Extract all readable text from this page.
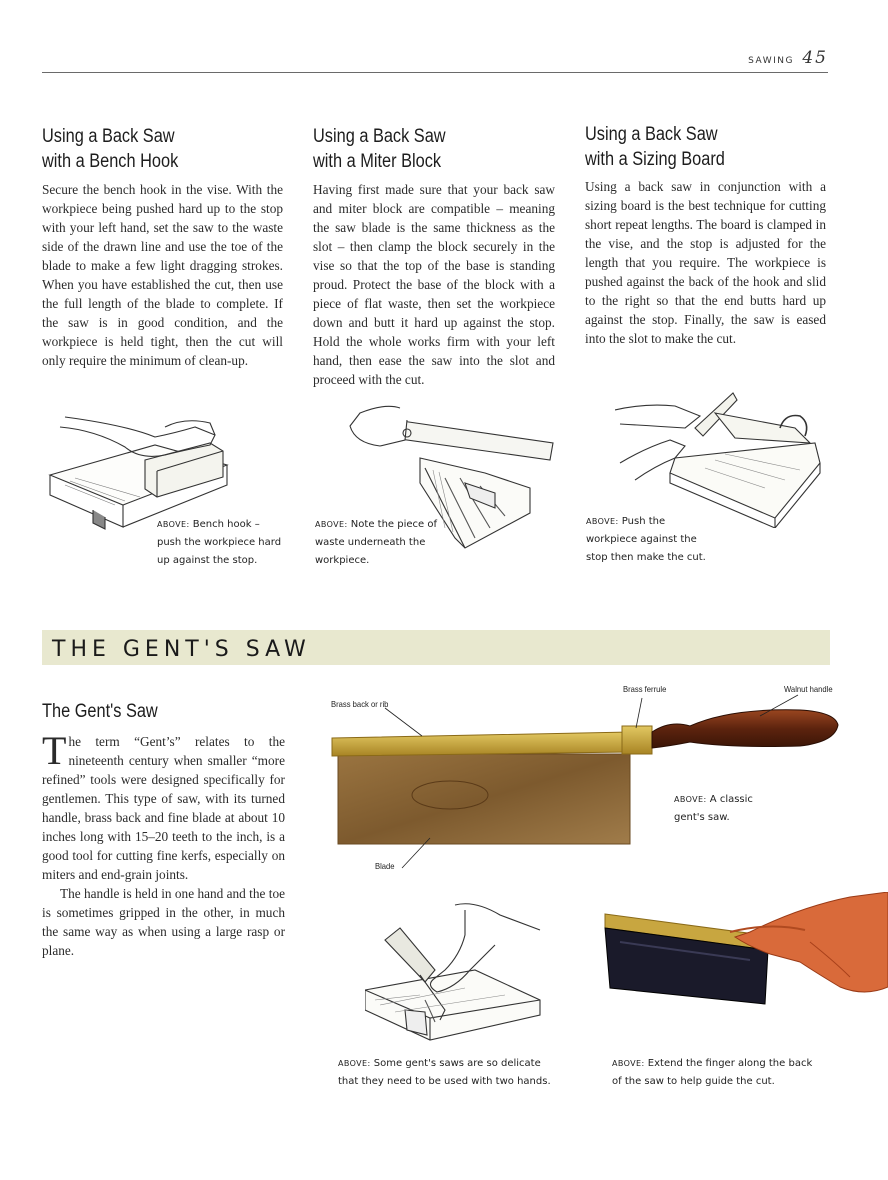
SAWING 45
Using a Back Saw
with a Bench Hook

Secure the bench hook in the vise. With the workpiece being pushed hard up to the stop with your left hand, set the saw to the waste side of the drawn line and use the toe of the blade to make a few light dragging strokes. When you have established the cut, then use the full length of the blade to complete. If the saw is in good condition, and the workpiece is held tight, then the cut will only require the minimum of clean-up.

Using a Back Saw
with a Miter Block

Having first made sure that your back saw and miter block are compatible – meaning the saw blade is the same thickness as the slot – then clamp the block securely in the vise so that the top of the base is standing proud. Protect the base of the block with a piece of flat waste, then set the workpiece down and butt it hard up against the stop. Hold the whole works firm with your left hand, then ease the saw into the slot and proceed with the cut.

Using a Back Saw
with a Sizing Board

Using a back saw in conjunction with a sizing board is the best technique for cutting short repeat lengths. The board is clamped in the vise, and the stop is adjusted for the length that you require. The workpiece is pushed against the back of the hook and slid to the right so that the end butts hard up against the stop. Finally, the saw is eased into the slot to make the cut.

ABOVE: Bench hook – push the workpiece hard up against the stop.
ABOVE: Note the piece of waste underneath the workpiece.
ABOVE: Push the workpiece against the stop then make the cut.
THE GENT'S SAW
The Gent's Saw

The term “Gent’s” relates to the nineteenth century when smaller “more refined” tools were designed specifically for gentlemen. This type of saw, with its turned handle, brass back and fine blade at about 10 inches long with 15–20 teeth to the inch, is a good tool for cutting fine kerfs, especially on miters and end-grain joints.

The handle is held in one hand and the toe is sometimes gripped in the other, in much the same way as when using a large rasp or plane.

Brass back or rib
Brass ferrule	Walnut handle
Blade
ABOVE: A classic gent's saw.
ABOVE: Some gent's saws are so delicate that they need to be used with two hands.
ABOVE: Extend the finger along the back of the saw to help guide the cut.
